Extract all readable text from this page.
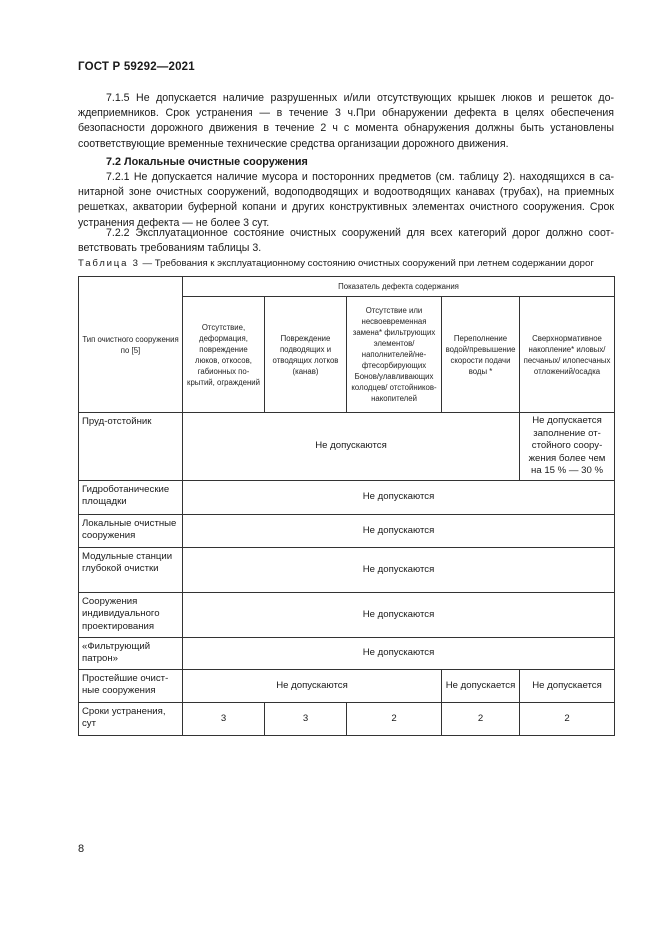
ГОСТ Р 59292—2021

7.1.5 Не допускается наличие разрушенных и/или отсутствующих крышек люков и решеток дождеприемников. Срок устранения — в течение 3 ч.При обнаружении дефекта в целях обеспечения безопасности дорожного движения в течение 2 ч с момента обнаружения должны быть установлены соответствующие временные технические средства организации дорожного движения.

7.2 Локальные очистные сооружения

7.2.1 Не допускается наличие мусора и посторонних предметов (см. таблицу 2). находящихся в санитарной зоне очистных сооружений, водоподводящих и водоотводящих канавах (трубах), на приемных решетках, акватории буферной копани и других конструктивных элементах очистного сооружения. Срок устранения дефекта — не более 3 сут.

7.2.2 Эксплуатационное состояние очистных сооружений для всех категорий дорог должно соответствовать требованиям таблицы 3.

Таблица 3 — Требования к эксплуатационному состоянию очистных сооружений при летнем содержании дорог
Тип очистного сооружения по [5]	Показатель дефекта содержания				
	Отсутствие, деформация, повреждение люков, откосов, габионных покрытий, ограждений	Повреждение подводящих и отводящих лотков (канав)	Отсутствие или несвоевременная замена* фильтрующих элементов/ наполнителей/нефтесорбирующих Бонов/улавливающих колодцев/ отстойников-накопителей	Переполнение водой/превышение скорости подачи воды *	Сверхнормативное накопление* иловых/песчаных/ илопесчаных отложений/осадка
Пруд-отстойник	Не допускаются				Не допускается заполнение отстойного сооружения более чем на 15 % — 30 %
Гидроботанические площадки	Не допускаются				
Локальные очистные сооружения	Не допускаются				
Модульные станции глубокой очистки	Не допускаются				
Сооружения индивидуального проектирования	Не допускаются				
«Фильтрующий патрон»	Не допускаются				
Простейшие очистные сооружения	Не допускаются			Не допускается	Не допускается
Сроки устранения, сут	3	3	2	2	2
8
